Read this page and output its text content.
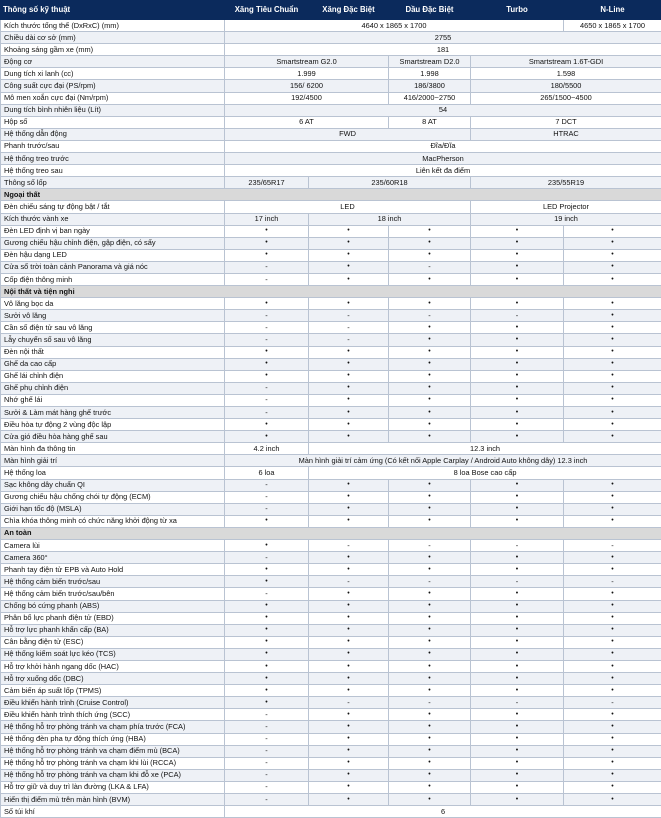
Thông số kỹ thuật	Xăng Tiêu Chuẩn	Xăng Đặc Biệt	Dầu Đặc Biệt	Turbo	N-Line
Kích thước tổng thể (DxRxC) (mm)	4640 x 1865 x 1700				4650 x 1865 x 1700
Chiều dài cơ sở (mm)	2755				
Khoảng sáng gầm xe (mm)	181				
Động cơ	Smartstream G2.0		Smartstream D2.0	Smartstream 1.6T-GDI	
Dung tích xi lanh (cc)	1.999		1.998	1.598	
Công suất cực đại (PS/rpm)	156/ 6200		186/3800	180/5500	
Mô men xoắn cực đại (Nm/rpm)	192/4500		416/2000~2750	265/1500~4500	
Dung tích bình nhiên liệu (Lít)	54				
Hộp số	6 AT		8 AT	7 DCT	
Hệ thống dẫn động	FWD			HTRAC	
Phanh trước/sau	Đĩa/Đĩa				
Hệ thống treo trước	MacPherson				
Hệ thống treo sau	Liên kết đa điểm				
Thông số lốp	235/65R17	235/60R18		235/55R19	
Ngoại thất					
Đèn chiếu sáng tự động bật / tắt	LED			LED Projector	
Kích thước vành xe	17 inch	18 inch		19 inch	
Đèn LED định vị ban ngày	•	•	•	•	•
Gương chiếu hậu chỉnh điện, gập điện, có sấy	•	•	•	•	•
Đèn hậu dạng LED	•	•	•	•	•
Cửa sổ trời toàn cảnh Panorama và giá nóc	-	•	-	•	•
Cốp điện thông minh	-	•	•	•	•
Nội thất và tiện nghi					
Vô lăng bọc da	•	•	•	•	•
Sưởi vô lăng	-	-	-	-	•
Cần số điện tử sau vô lăng	-	-	•	•	•
Lẫy chuyển số sau vô lăng	-	-	•	•	•
Đèn nội thất	•	•	•	•	•
Ghế da cao cấp	•	•	•	•	•
Ghế lái chỉnh điện	•	•	•	•	•
Ghế phụ chỉnh điện	-	•	•	•	•
Nhớ ghế lái	-	•	•	•	•
Sưởi & Làm mát hàng ghế trước	-	•	•	•	•
Điều hòa tự động 2 vùng độc lập	•	•	•	•	•
Cửa gió điều hòa hàng ghế sau	•	•	•	•	•
Màn hình đa thông tin	4.2 inch	12.3 inch			
Màn hình giải trí	Màn hình giải trí cảm ứng (Có kết nối Apple Carplay / Android Auto không dây) 12.3 inch				
Hệ thống loa	6 loa	8 loa Bose cao cấp			
Sạc không dây chuẩn QI	-	•	•	•	•
Gương chiếu hậu chống chói tự động (ECM)	-	•	•	•	•
Giới hạn tốc độ (MSLA)	-	•	•	•	•
Chìa khóa thông minh có chức năng khởi động từ xa	•	•	•	•	•
An toàn					
Camera lùi	•	-	-	-	-
Camera 360°	-	•	•	•	•
Phanh tay điện tử EPB và Auto Hold	•	•	•	•	•
Hệ thống cảm biến trước/sau	•	-	-	-	-
Hệ thống cảm biến trước/sau/bên	-	•	•	•	•
Chống bó cứng phanh (ABS)	•	•	•	•	•
Phân bổ lực phanh điện tử (EBD)	•	•	•	•	•
Hỗ trợ lực phanh khẩn cấp (BA)	•	•	•	•	•
Cân bằng điện tử (ESC)	•	•	•	•	•
Hệ thống kiểm soát lực kéo (TCS)	•	•	•	•	•
Hỗ trợ khởi hành ngang dốc (HAC)	•	•	•	•	•
Hỗ trợ xuống dốc (DBC)	•	•	•	•	•
Cảm biến áp suất lốp (TPMS)	•	•	•	•	•
Điều khiển hành trình (Cruise Control)	•	-	-	-	-
Điều khiển hành trình thích ứng (SCC)	-	•	•	•	•
Hệ thống hỗ trợ phòng tránh va chạm phía trước (FCA)	-	•	•	•	•
Hệ thống đèn pha tự động thích ứng (HBA)	-	•	•	•	•
Hệ thống hỗ trợ phòng tránh va chạm điểm mù (BCA)	-	•	•	•	•
Hệ thống hỗ trợ phòng tránh va chạm khi lùi (RCCA)	-	•	•	•	•
Hệ thống hỗ trợ phòng tránh va chạm khi đỗ xe (PCA)	-	•	•	•	•
Hỗ trợ giữ và duy trì làn đường (LKA & LFA)	-	•	•	•	•
Hiển thị điểm mù trên màn hình (BVM)	-	•	•	•	•
Số túi khí	6				
